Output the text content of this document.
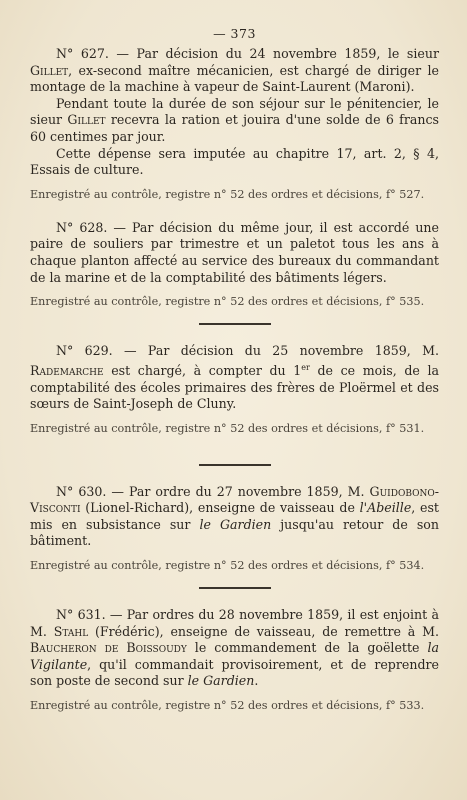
— 373

N° 627. — Par décision du 24 novembre 1859, le sieur Gillet, ex-second maître mécanicien, est chargé de diriger le montage de la machine à vapeur de Saint-Laurent (Maroni).

Pendant toute la durée de son séjour sur le pénitencier, le sieur Gillet recevra la ration et jouira d'une solde de 6 francs 60 centimes par jour.

Cette dépense sera imputée au chapitre 17, art. 2, § 4, Essais de culture.

Enregistré au contrôle, registre n° 52 des ordres et décisions, f° 527.

N° 628. — Par décision du même jour, il est accordé une paire de souliers par trimestre et un paletot tous les ans à chaque planton affecté au service des bureaux du commandant de la marine et de la comptabilité des bâtiments légers.

Enregistré au contrôle, registre n° 52 des ordres et décisions, f° 535.

N° 629. — Par décision du 25 novembre 1859, M. Rademarche est chargé, à compter du 1er de ce mois, de la comptabilité des écoles primaires des frères de Ploërmel et des sœurs de Saint-Joseph de Cluny.

Enregistré au contrôle, registre n° 52 des ordres et décisions, f° 531.

N° 630. — Par ordre du 27 novembre 1859, M. Guidobono-Visconti (Lionel-Richard), enseigne de vaisseau de l'Abeille, est mis en subsistance sur le Gardien jusqu'au retour de son bâtiment.

Enregistré au contrôle, registre n° 52 des ordres et décisions, f° 534.

N° 631. — Par ordres du 28 novembre 1859, il est enjoint à M. Stahl (Frédéric), enseigne de vaisseau, de remettre à M. Baucheron de Boissoudy le commandement de la goëlette la Vigilante, qu'il commandait provisoirement, et de reprendre son poste de second sur le Gardien.

Enregistré au contrôle, registre n° 52 des ordres et décisions, f° 533.
